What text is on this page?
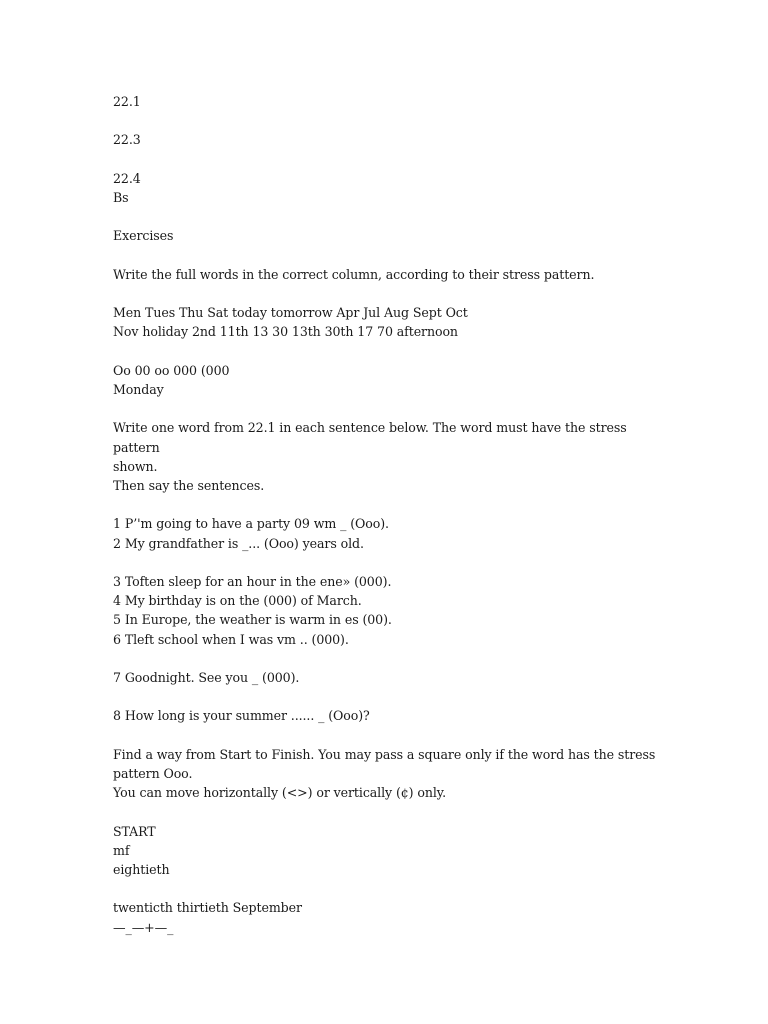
22.1
22.3
22.4
Bs
Exercises
Write the full words in the correct column, according to their stress pattern.
Men Tues Thu Sat today tomorrow Apr Jul Aug Sept Oct
Nov holiday 2nd 11th 13 30 13th 30th 17 70 afternoon
Oo 00 oo 000 (000
Monday
Write one word from 22.1 in each sentence below. The word must have the stress pattern
shown.
Then say the sentences.
1 P’'m going to have a party 09 wm _ (Ooo).
2 My grandfather is _... (Ooo) years old.
3 Toften sleep for an hour in the ene» (000).
4 My birthday is on the (000) of March.
5 In Europe, the weather is warm in es (00).
6 Tleft school when I was vm .. (000).
7 Goodnight. See you _ (000).
8 How long is your summer ...... _ (Ooo)?
Find a way from Start to Finish. You may pass a square only if the word has the stress
pattern Ooo.
You can move horizontally (<>) or vertically (¢) only.
START
mf
eightieth
twenticth thirtieth September
—_—+—_
